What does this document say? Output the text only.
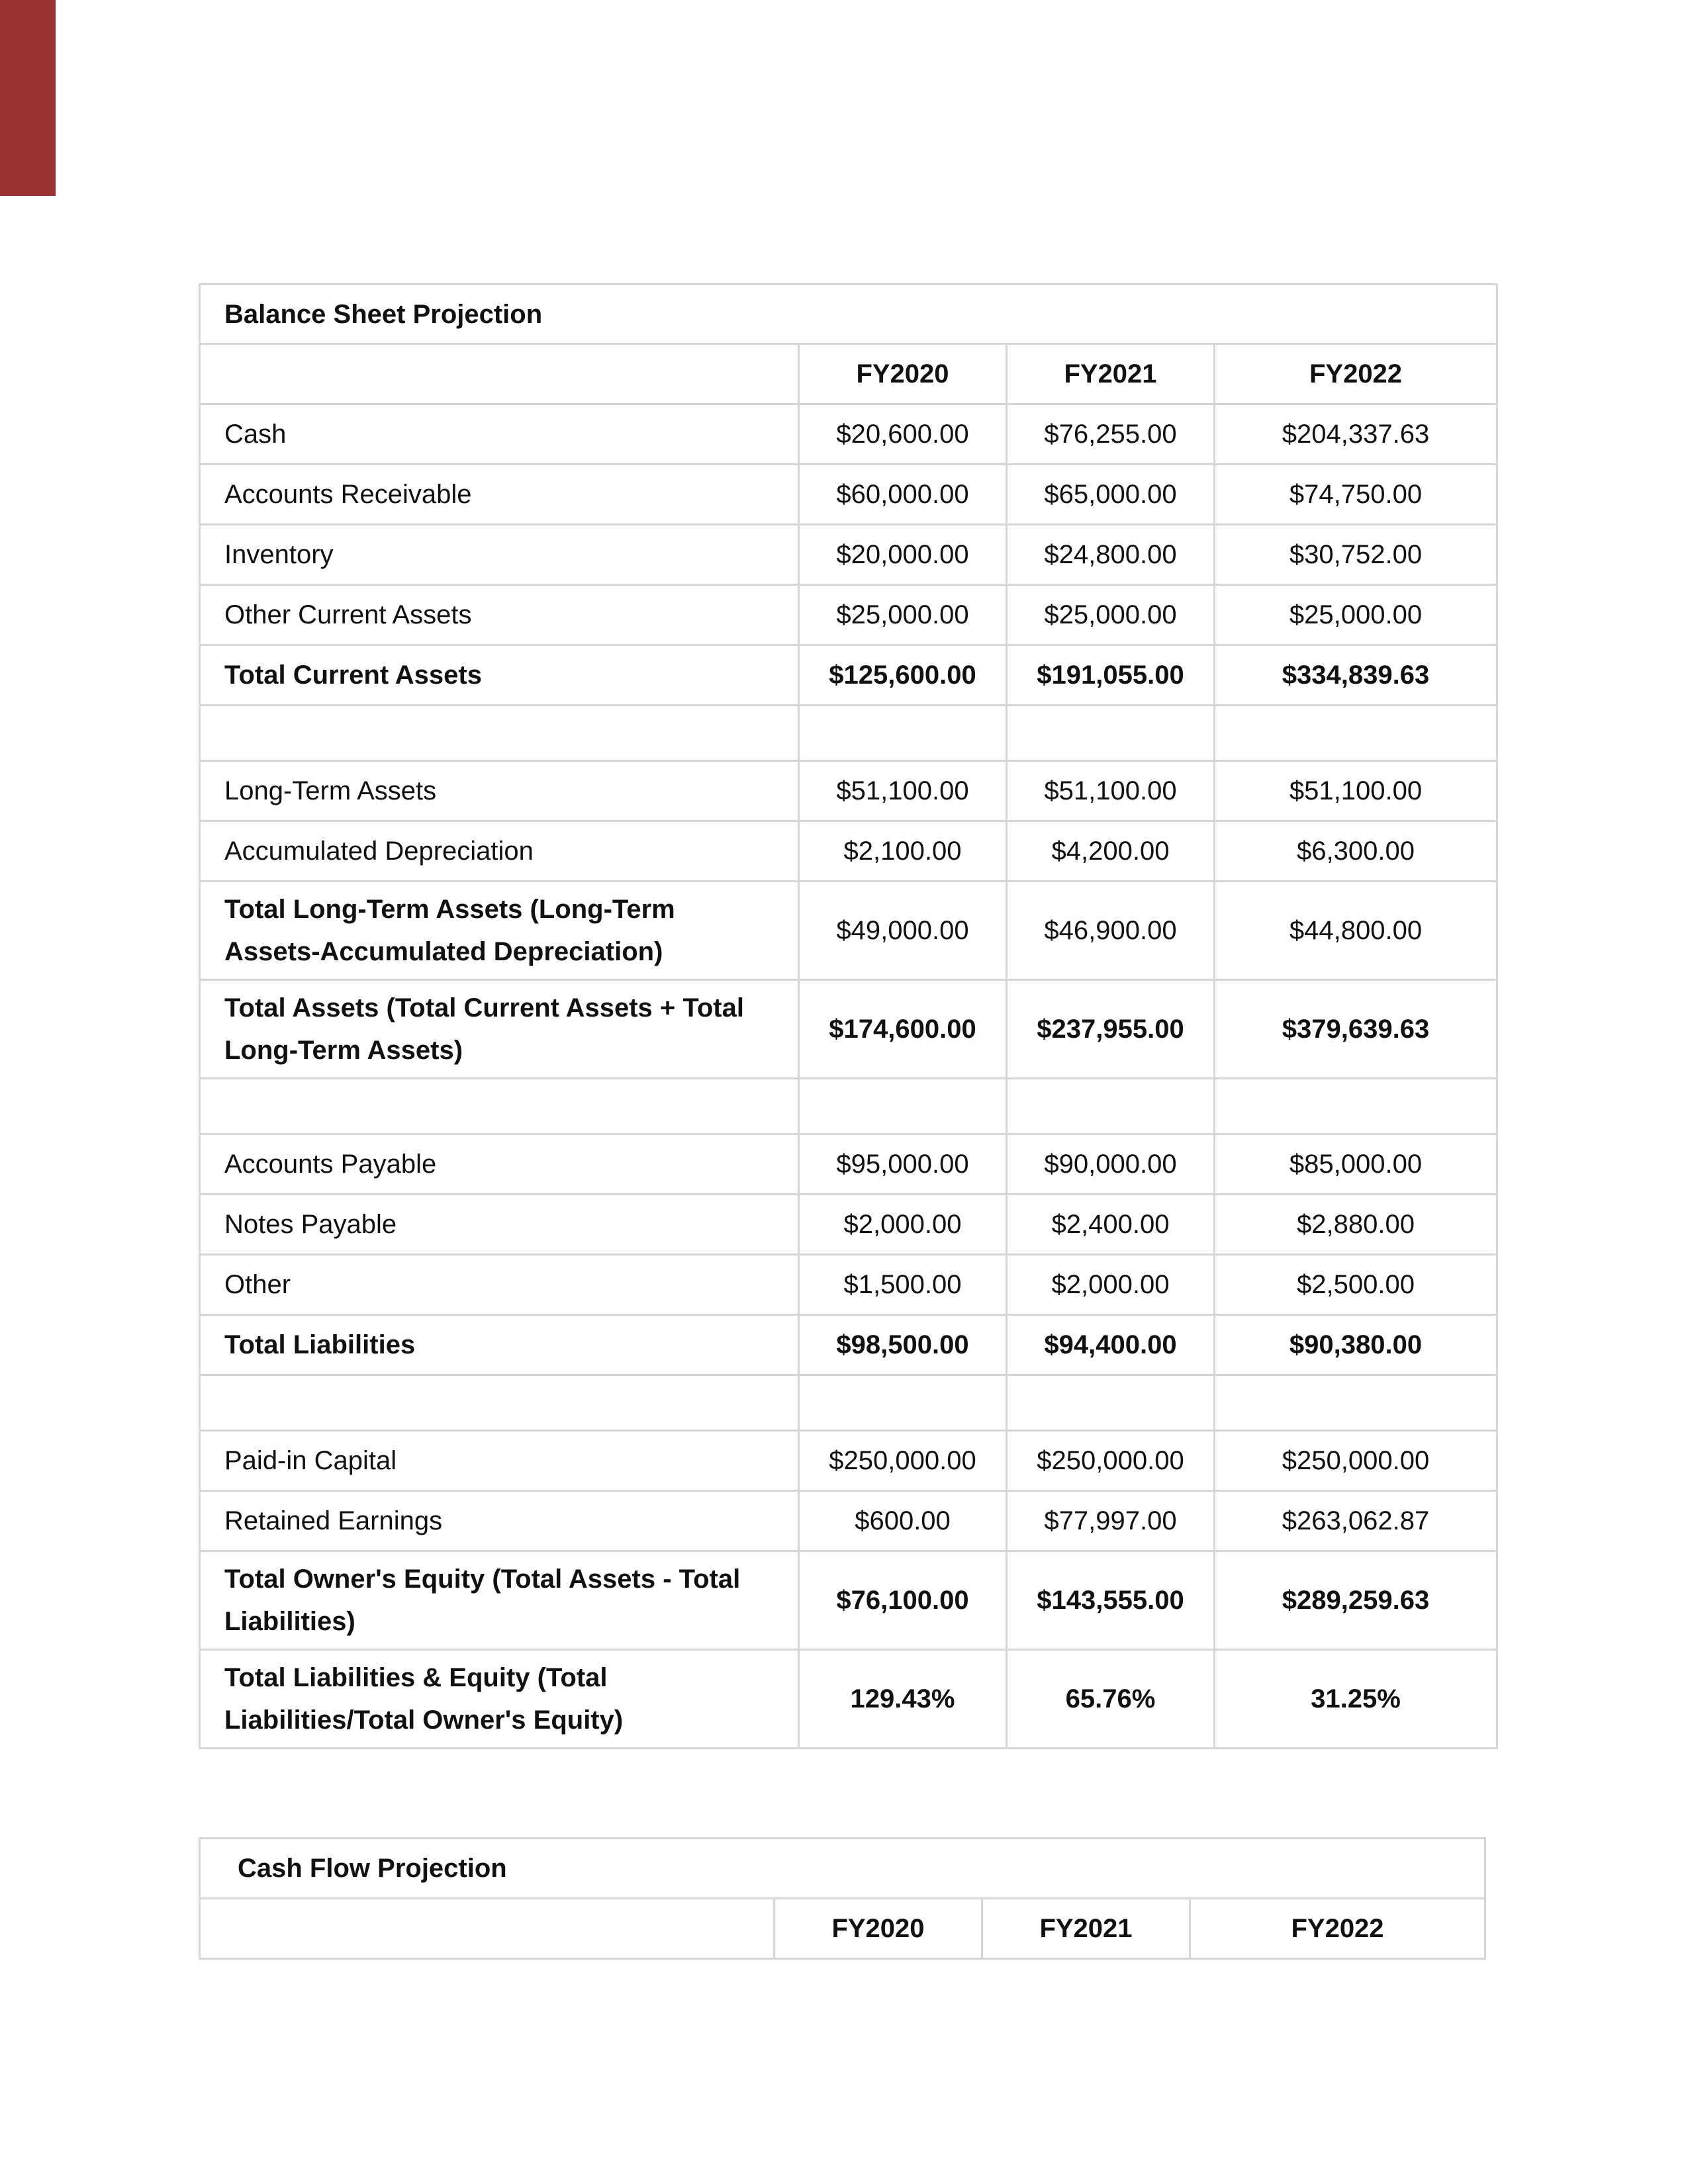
Balance Sheet Projection			
	FY2020	FY2021	FY2022
Cash	$20,600.00	$76,255.00	$204,337.63
Accounts Receivable	$60,000.00	$65,000.00	$74,750.00
Inventory	$20,000.00	$24,800.00	$30,752.00
Other Current Assets	$25,000.00	$25,000.00	$25,000.00
Total Current Assets	$125,600.00	$191,055.00	$334,839.63

Long-Term Assets	$51,100.00	$51,100.00	$51,100.00
Accumulated Depreciation	$2,100.00	$4,200.00	$6,300.00
Total Long-Term Assets (Long-Term Assets-Accumulated Depreciation)	$49,000.00	$46,900.00	$44,800.00
Total Assets (Total Current Assets + Total Long-Term Assets)	$174,600.00	$237,955.00	$379,639.63

Accounts Payable	$95,000.00	$90,000.00	$85,000.00
Notes Payable	$2,000.00	$2,400.00	$2,880.00
Other	$1,500.00	$2,000.00	$2,500.00
Total Liabilities	$98,500.00	$94,400.00	$90,380.00

Paid-in Capital	$250,000.00	$250,000.00	$250,000.00
Retained Earnings	$600.00	$77,997.00	$263,062.87
Total Owner's Equity (Total Assets - Total Liabilities)	$76,100.00	$143,555.00	$289,259.63
Total Liabilities & Equity (Total Liabilities/Total Owner's Equity)	129.43%	65.76%	31.25%
Cash Flow Projection
	FY2020	FY2021	FY2022
